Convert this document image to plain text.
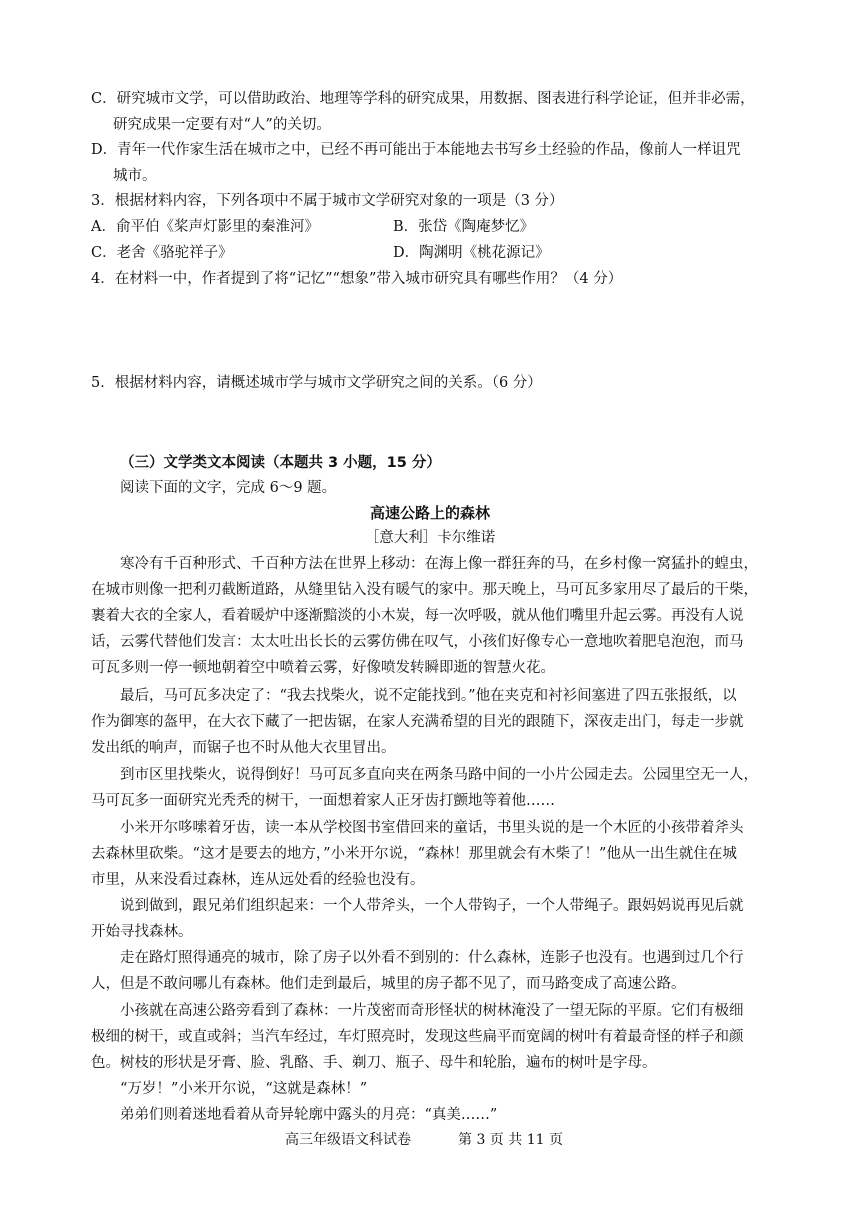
C．研究城市文学，可以借助政治、地理等学科的研究成果，用数据、图表进行科学论证，但并非必需，
研究成果一定要有对“人”的关切。
D．青年一代作家生活在城市之中，已经不再可能出于本能地去书写乡土经验的作品，像前人一样诅咒
城市。
3．根据材料内容，下列各项中不属于城市文学研究对象的一项是（3 分）
A．俞平伯《桨声灯影里的秦淮河》	B．张岱《陶庵梦忆》
C．老舍《骆驼祥子》	D．陶渊明《桃花源记》
4．在材料一中，作者提到了将“记忆”“想象”带入城市研究具有哪些作用？（4 分）
5．根据材料内容，请概述城市学与城市文学研究之间的关系。（6 分）
（三）文学类文本阅读（本题共 3 小题，15 分）
阅读下面的文字，完成 6～9 题。
高速公路上的森林
［意大利］卡尔维诺
寒冷有千百种形式、千百种方法在世界上移动：在海上像一群狂奔的马，在乡村像一窝猛扑的蝗虫，
在城市则像一把利刃截断道路，从缝里钻入没有暖气的家中。那天晚上，马可瓦多家用尽了最后的干柴，
裹着大衣的全家人，看着暖炉中逐渐黯淡的小木炭，每一次呼吸，就从他们嘴里升起云雾。再没有人说
话，云雾代替他们发言：太太吐出长长的云雾仿佛在叹气，小孩们好像专心一意地吹着肥皂泡泡，而马
可瓦多则一停一顿地朝着空中喷着云雾，好像喷发转瞬即逝的智慧火花。
最后，马可瓦多决定了：“我去找柴火，说不定能找到。”他在夹克和衬衫间塞进了四五张报纸，以
作为御寒的盔甲，在大衣下藏了一把齿锯，在家人充满希望的目光的跟随下，深夜走出门，每走一步就
发出纸的响声，而锯子也不时从他大衣里冒出。
到市区里找柴火，说得倒好！马可瓦多直向夹在两条马路中间的一小片公园走去。公园里空无一人，
马可瓦多一面研究光秃秃的树干，一面想着家人正牙齿打颤地等着他……
小米开尔哆嗦着牙齿，读一本从学校图书室借回来的童话，书里头说的是一个木匠的小孩带着斧头
去森林里砍柴。“这才是要去的地方，”小米开尔说，“森林！那里就会有木柴了！”他从一出生就住在城
市里，从来没看过森林，连从远处看的经验也没有。
说到做到，跟兄弟们组织起来：一个人带斧头，一个人带钩子，一个人带绳子。跟妈妈说再见后就
开始寻找森林。
走在路灯照得通亮的城市，除了房子以外看不到别的：什么森林，连影子也没有。也遇到过几个行
人，但是不敢问哪儿有森林。他们走到最后，城里的房子都不见了，而马路变成了高速公路。
小孩就在高速公路旁看到了森林：一片茂密而奇形怪状的树林淹没了一望无际的平原。它们有极细
极细的树干，或直或斜；当汽车经过，车灯照亮时，发现这些扁平而宽阔的树叶有着最奇怪的样子和颜
色。树枝的形状是牙膏、脸、乳酪、手、剃刀、瓶子、母牛和轮胎，遍布的树叶是字母。
“万岁！”小米开尔说，“这就是森林！”
弟弟们则着迷地看着从奇异轮廓中露头的月亮：“真美……”
高三年级语文科试卷	第 3 页 共 11 页
